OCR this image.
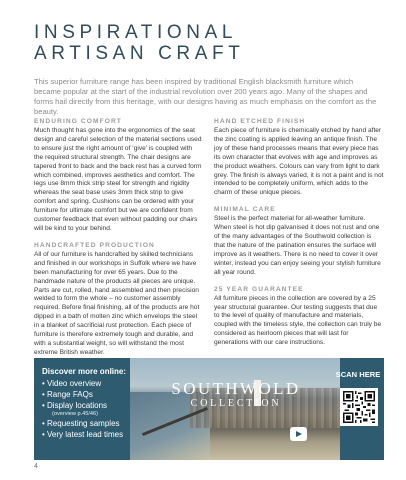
INSPIRATIONAL
ARTISAN CRAFT

This superior furniture range has been inspired by traditional English blacksmith furniture which became popular at the start of the industrial revolution over 200 years ago. Many of the shapes and forms hail directly from this heritage, with our designs having as much emphasis on the comfort as the beauty.

ENDURING COMFORT

Much thought has gone into the ergonomics of the seat design and careful selection of the material sections used to ensure just the right amount of ‘give’ is coupled with the required structural strength. The chair designs are tapered front to back and the back rest has a curved form which combined, improves aesthetics and comfort. The legs use 8mm thick strip steel for strength and rigidity whereas the seat base uses 3mm thick strip to give comfort and spring. Cushions can be ordered with your furniture for ultimate comfort but we are confident from customer feedback that even without padding our chairs will be kind to your behind.

HANDCRAFTED PRODUCTION

All of our furniture is handcrafted by skilled technicians and finished in our workshops in Suffolk where we have been manufacturing for over 65 years. Due to the handmade nature of the products all pieces are unique. Parts are cut, rolled, hand assembled and then precision welded to form the whole – no customer assembly required. Before final finishing, all of the products are hot dipped in a bath of molten zinc which envelops the steel in a blanket of sacrificial rust protection. Each piece of furniture is therefore extremely tough and durable, and with a substantial weight, so will withstand the most extreme British weather.

HAND ETCHED FINISH

Each piece of furniture is chemically etched by hand after the zinc coating is applied leaving an antique finish. The joy of these hand processes means that every piece has its own character that evolves with age and improves as the product weathers. Colours can vary from light to dark grey. The finish is always varied, it is not a paint and is not intended to be completely uniform, which adds to the charm of these unique pieces.

MINIMAL CARE

Steel is the perfect material for all-weather furniture. When steel is hot dip galvanised it does not rust and one of the many advantages of the Southwold collection is that the nature of the patination ensures the surface will improve as it weathers. There is no need to cover it over winter, instead you can enjoy seeing your stylish furniture all year round.

25 YEAR GUARANTEE

All furniture pieces in the collection are covered by a 25 year structural guarantee. Our testing suggests that due to the level of quality of manufacture and materials, coupled with the timeless style, the collection can truly be considered as heirloom pieces that will last for generations with our care instructions.

SOUTHWOLD
COLLECTION
Discover more online:
• Video overview
• Range FAQs
• Display locations
(overview p.45/46)
• Requesting samples
• Very latest lead times
SCAN HERE
4
